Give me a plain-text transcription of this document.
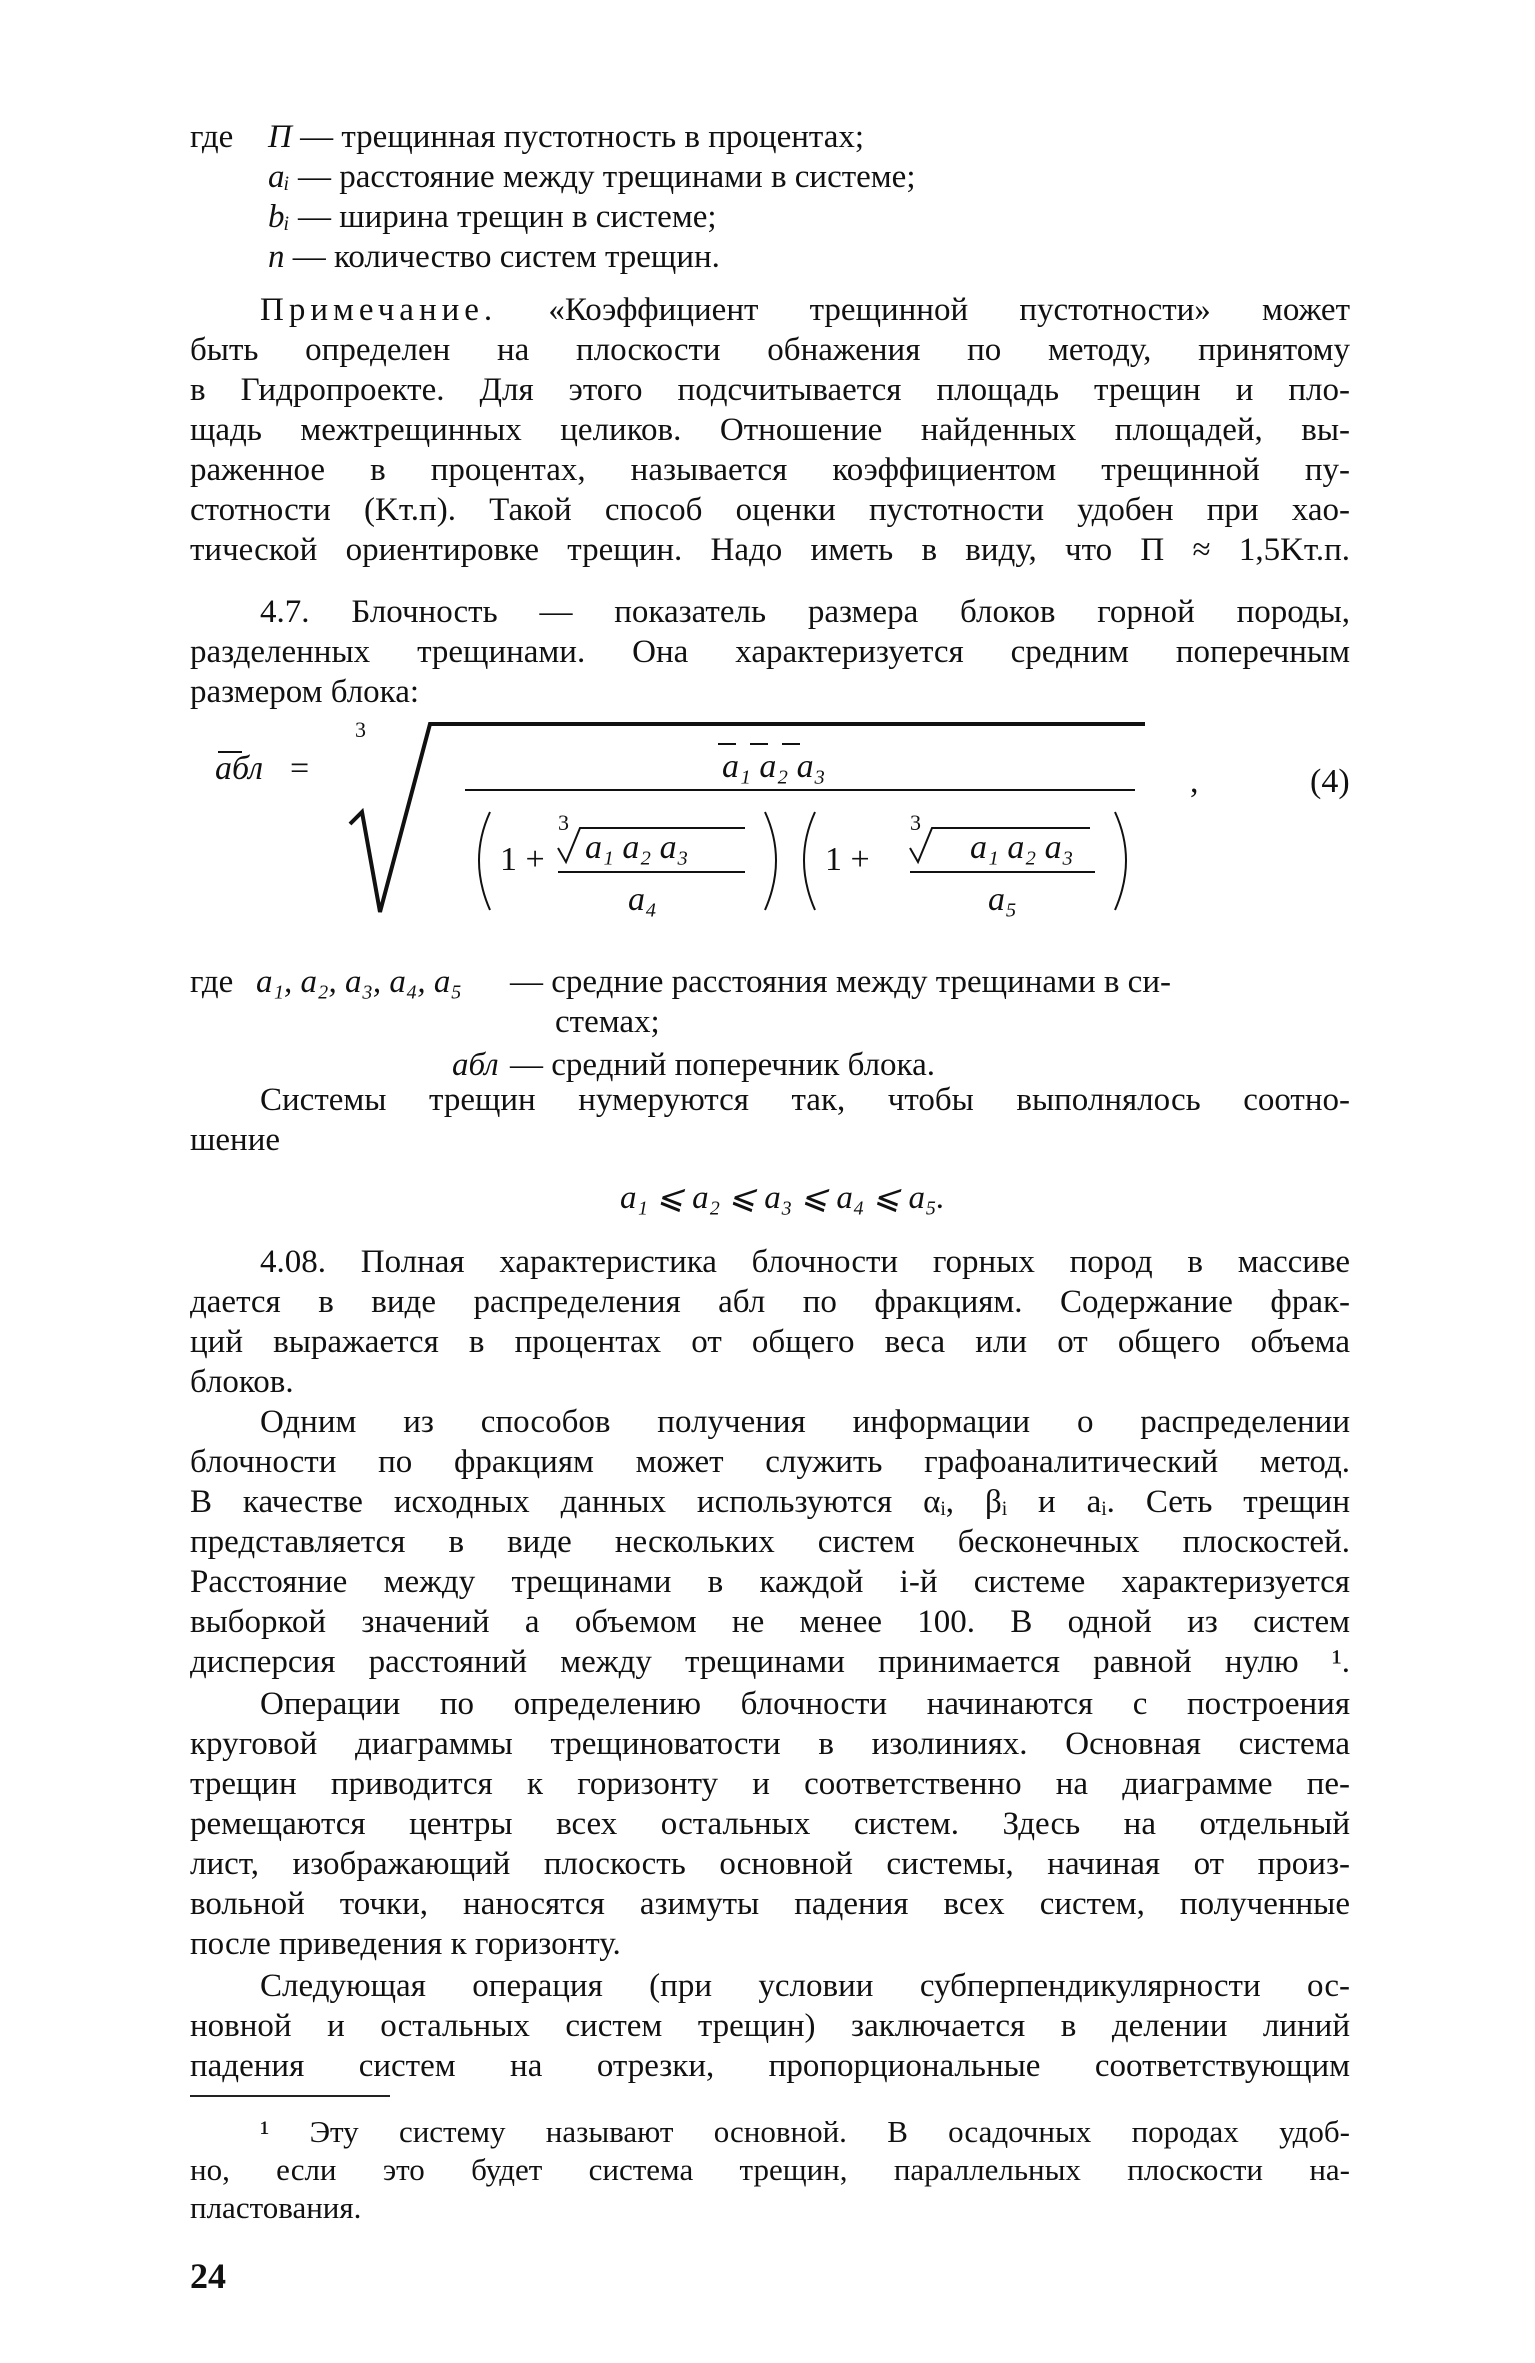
где П — трещинная пустотность в процентах;
aᵢ — расстояние между трещинами в системе;
bᵢ — ширина трещин в системе;
n — количество систем трещин.
Примечание. «Коэффициент трещинной пустотности» может
быть определен на плоскости обнажения по методу, принятому
в Гидропроекте. Для этого подсчитывается площадь трещин и пло-
щадь межтрещинных целиков. Отношение найденных площадей, вы-
раженное в процентах, называется коэффициентом трещинной пу-
стотности (Kт.п). Такой способ оценки пустотности удобен при хао-
тической ориентировке трещин. Надо иметь в виду, что П ≈ 1,5Kт.п.
4.7. Блочность — показатель размера блоков горной породы,
разделенных трещинами. Она характеризуется средним поперечным
размером блока:
aбл =
3
a₁ a₂ a₃	,
1 +
3
a₁ a₂ a₃
a₄
1 +
3
a₁ a₂ a₃
a₅
(4)
где a₁, a₂, a₃, a₄, a₅ — средние расстояния между трещинами в си-
стемах;
aбл — средний поперечник блока.
Системы трещин нумеруются так, чтобы выполнялось соотно-
шение
a₁ ⩽ a₂ ⩽ a₃ ⩽ a₄ ⩽ a₅.
4.08. Полная характеристика блочности горных пород в массиве
дается в виде распределения aбл по фракциям. Содержание фрак-
ций выражается в процентах от общего веса или от общего объема
блоков.
Одним из способов получения информации о распределении
блочности по фракциям может служить графоаналитический метод.
В качестве исходных данных используются αᵢ, βᵢ и aᵢ. Сеть трещин
представляется в виде нескольких систем бесконечных плоскостей.
Расстояние между трещинами в каждой i-й системе характеризуется
выборкой значений a объемом не менее 100. В одной из систем
дисперсия расстояний между трещинами принимается равной нулю ¹.
Операции по определению блочности начинаются с построения
круговой диаграммы трещиноватости в изолиниях. Основная система
трещин приводится к горизонту и соответственно на диаграмме пе-
ремещаются центры всех остальных систем. Здесь на отдельный
лист, изображающий плоскость основной системы, начиная от произ-
вольной точки, наносятся азимуты падения всех систем, полученные
после приведения к горизонту.
Следующая операция (при условии субперпендикулярности ос-
новной и остальных систем трещин) заключается в делении линий
падения систем на отрезки, пропорциональные соответствующим
¹ Эту систему называют основной. В осадочных породах удоб-
но, если это будет система трещин, параллельных плоскости на-
пластования.
24
